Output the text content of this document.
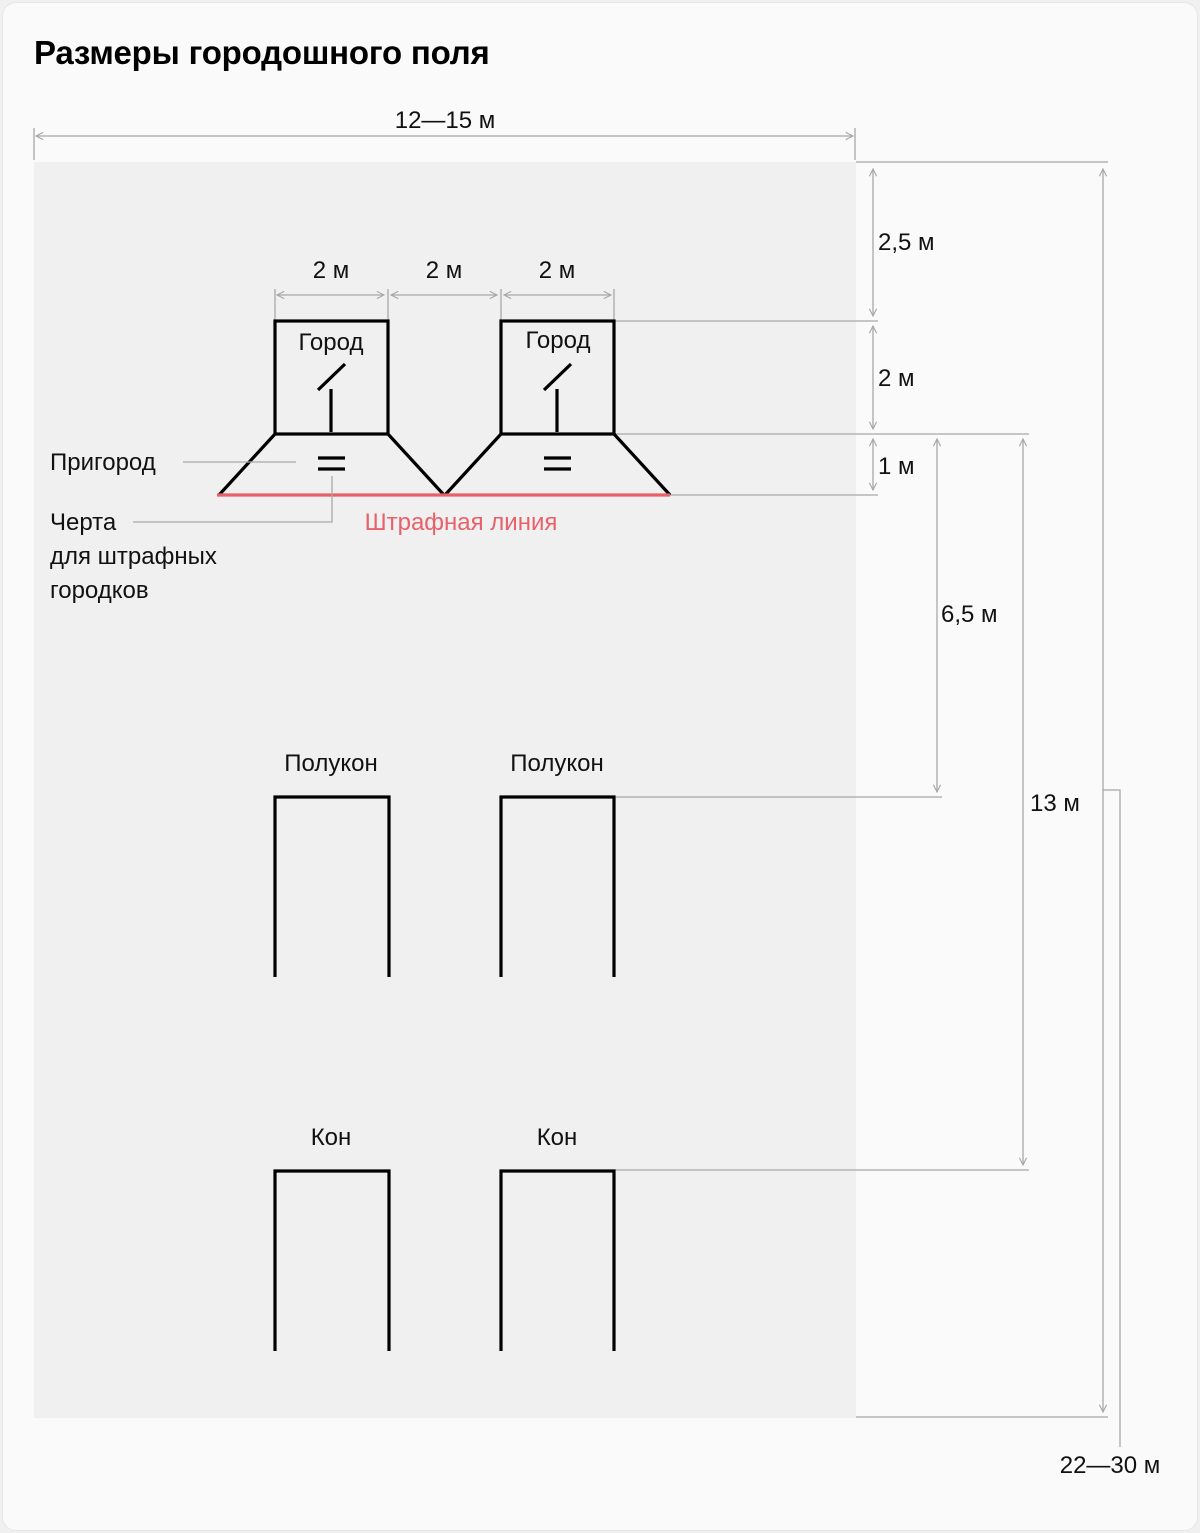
Размеры городошного поля
12—15 м
2 м	2 м	2 м
2,5 м
2 м
1 м
6,5 м
13 м
22—30 м
Город	Город
Штрафная линия
Пригород
Черта
для штрафных
городков
Полукон	Полукон
Кон	Кон
